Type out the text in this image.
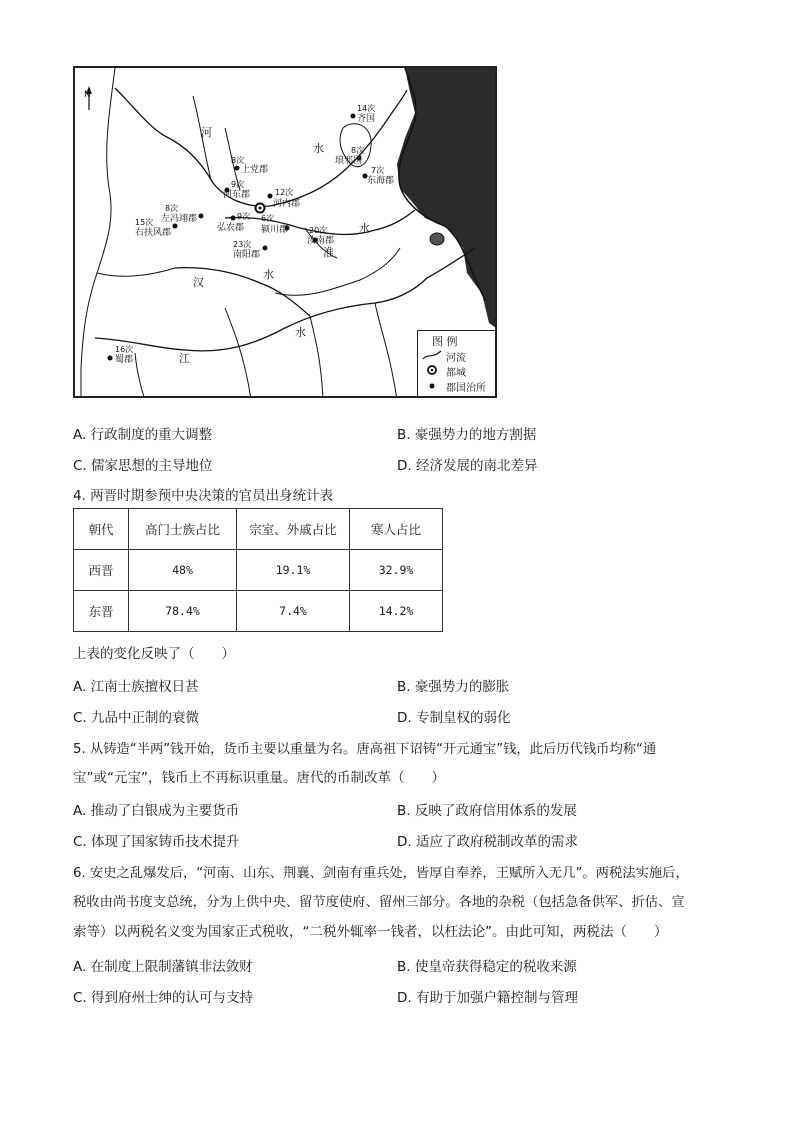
N
河
水
淮
水
汉
水
水
江
14次
齐国
8次
琅邪国
7次
东海郡
8次
上党郡
9次
河东郡	12次
河内郡
8次
左冯翊郡
15次
右扶风郡
9次
弘农郡
6次
颍川郡	20次
汝南郡
23次
南阳郡
16次
蜀郡
图 例
河流
都城
郡国治所
A. 行政制度的重大调整	B. 豪强势力的地方割据
C. 儒家思想的主导地位	D. 经济发展的南北差异
4. 两晋时期参预中央决策的官员出身统计表
朝代	高门士族占比	宗室、外戚占比	寒人占比
西晋	48%	19.1%	32.9%
东晋	78.4%	7.4%	14.2%
上表的变化反映了（　　）
A. 江南士族擅权日甚	B. 豪强势力的膨胀
C. 九品中正制的衰微	D. 专制皇权的弱化
5. 从铸造“半两”钱开始，货币主要以重量为名。唐高祖下诏铸“开元通宝”钱，此后历代钱币均称“通
宝”或“元宝”，钱币上不再标识重量。唐代的币制改革（　　）
A. 推动了白银成为主要货币	B. 反映了政府信用体系的发展
C. 体现了国家铸币技术提升	D. 适应了政府税制改革的需求
6. 安史之乱爆发后，“河南、山东、荆襄、剑南有重兵处，皆厚自奉养，王赋所入无几”。两税法实施后，
税收由尚书度支总统，分为上供中央、留节度使府、留州三部分。各地的杂税（包括急备供军、折估、宣
索等）以两税名义变为国家正式税收，“二税外辄率一钱者，以枉法论”。由此可知，两税法（　　）
A. 在制度上限制藩镇非法敛财	B. 使皇帝获得稳定的税收来源
C. 得到府州士绅的认可与支持	D. 有助于加强户籍控制与管理
